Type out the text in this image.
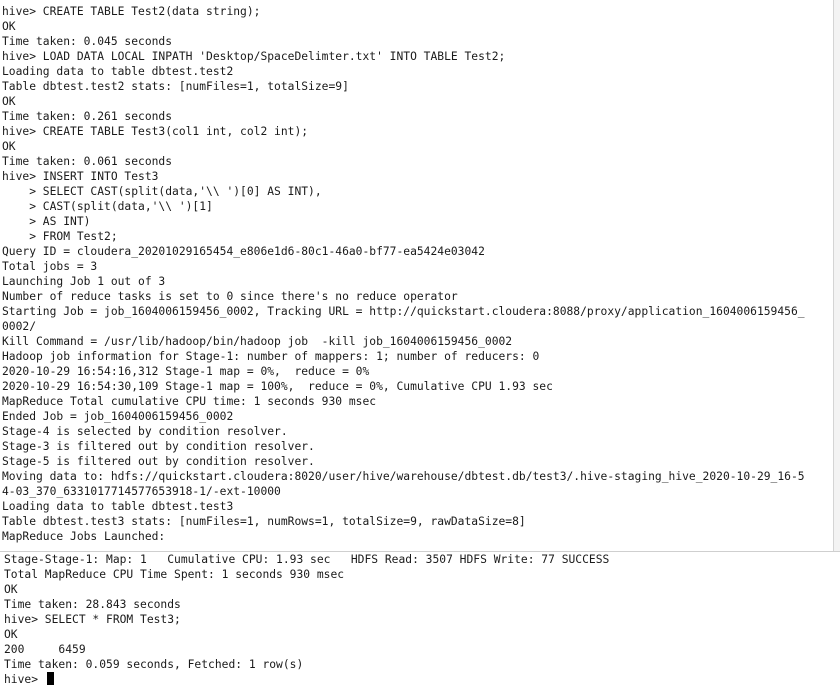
hive> CREATE TABLE Test2(data string);
OK
Time taken: 0.045 seconds
hive> LOAD DATA LOCAL INPATH 'Desktop/SpaceDelimter.txt' INTO TABLE Test2;
Loading data to table dbtest.test2
Table dbtest.test2 stats: [numFiles=1, totalSize=9]
OK
Time taken: 0.261 seconds
hive> CREATE TABLE Test3(col1 int, col2 int);
OK
Time taken: 0.061 seconds
hive> INSERT INTO Test3
> SELECT CAST(split(data,'\\ ')[0] AS INT),
> CAST(split(data,'\\ ')[1]
> AS INT)
> FROM Test2;
Query ID = cloudera_20201029165454_e806e1d6-80c1-46a0-bf77-ea5424e03042
Total jobs = 3
Launching Job 1 out of 3
Number of reduce tasks is set to 0 since there's no reduce operator
Starting Job = job_1604006159456_0002, Tracking URL = http://quickstart.cloudera:8088/proxy/application_1604006159456_
0002/
Kill Command = /usr/lib/hadoop/bin/hadoop job  -kill job_1604006159456_0002
Hadoop job information for Stage-1: number of mappers: 1; number of reducers: 0
2020-10-29 16:54:16,312 Stage-1 map = 0%,  reduce = 0%
2020-10-29 16:54:30,109 Stage-1 map = 100%,  reduce = 0%, Cumulative CPU 1.93 sec
MapReduce Total cumulative CPU time: 1 seconds 930 msec
Ended Job = job_1604006159456_0002
Stage-4 is selected by condition resolver.
Stage-3 is filtered out by condition resolver.
Stage-5 is filtered out by condition resolver.
Moving data to: hdfs://quickstart.cloudera:8020/user/hive/warehouse/dbtest.db/test3/.hive-staging_hive_2020-10-29_16-5
4-03_370_6331017714577653918-1/-ext-10000
Loading data to table dbtest.test3
Table dbtest.test3 stats: [numFiles=1, numRows=1, totalSize=9, rawDataSize=8]
MapReduce Jobs Launched:
Stage-Stage-1: Map: 1   Cumulative CPU: 1.93 sec   HDFS Read: 3507 HDFS Write: 77 SUCCESS
Total MapReduce CPU Time Spent: 1 seconds 930 msec
OK
Time taken: 28.843 seconds
hive> SELECT * FROM Test3;
OK
200	6459
Time taken: 0.059 seconds, Fetched: 1 row(s)
hive>
